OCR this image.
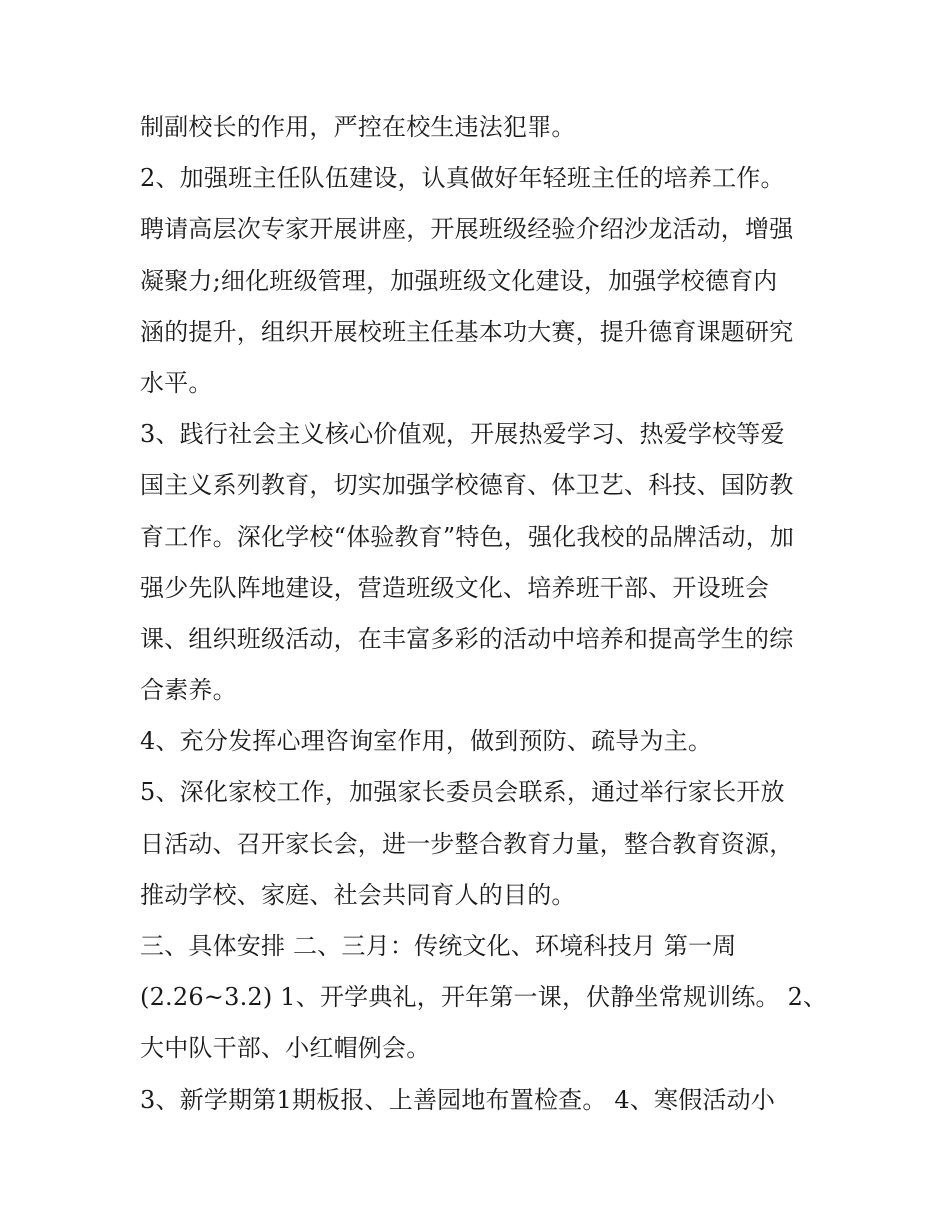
制副校长的作用，严控在校生违法犯罪。
2、加强班主任队伍建设，认真做好年轻班主任的培养工作。
聘请高层次专家开展讲座，开展班级经验介绍沙龙活动，增强
凝聚力;细化班级管理，加强班级文化建设，加强学校德育内
涵的提升，组织开展校班主任基本功大赛，提升德育课题研究
水平。
3、践行社会主义核心价值观，开展热爱学习、热爱学校等爱
国主义系列教育，切实加强学校德育、体卫艺、科技、国防教
育工作。深化学校“体验教育”特色，强化我校的品牌活动，加
强少先队阵地建设，营造班级文化、培养班干部、开设班会
课、组织班级活动，在丰富多彩的活动中培养和提高学生的综
合素养。
4、充分发挥心理咨询室作用，做到预防、疏导为主。
5、深化家校工作，加强家长委员会联系，通过举行家长开放
日活动、召开家长会，进一步整合教育力量，整合教育资源，
推动学校、家庭、社会共同育人的目的。
三、具体安排 二、三月：传统文化、环境科技月 第一周
(2.26~3.2) 1、开学典礼，开年第一课，伏静坐常规训练。 2、
大中队干部、小红帽例会。
3、新学期第1期板报、上善园地布置检查。 4、寒假活动小
